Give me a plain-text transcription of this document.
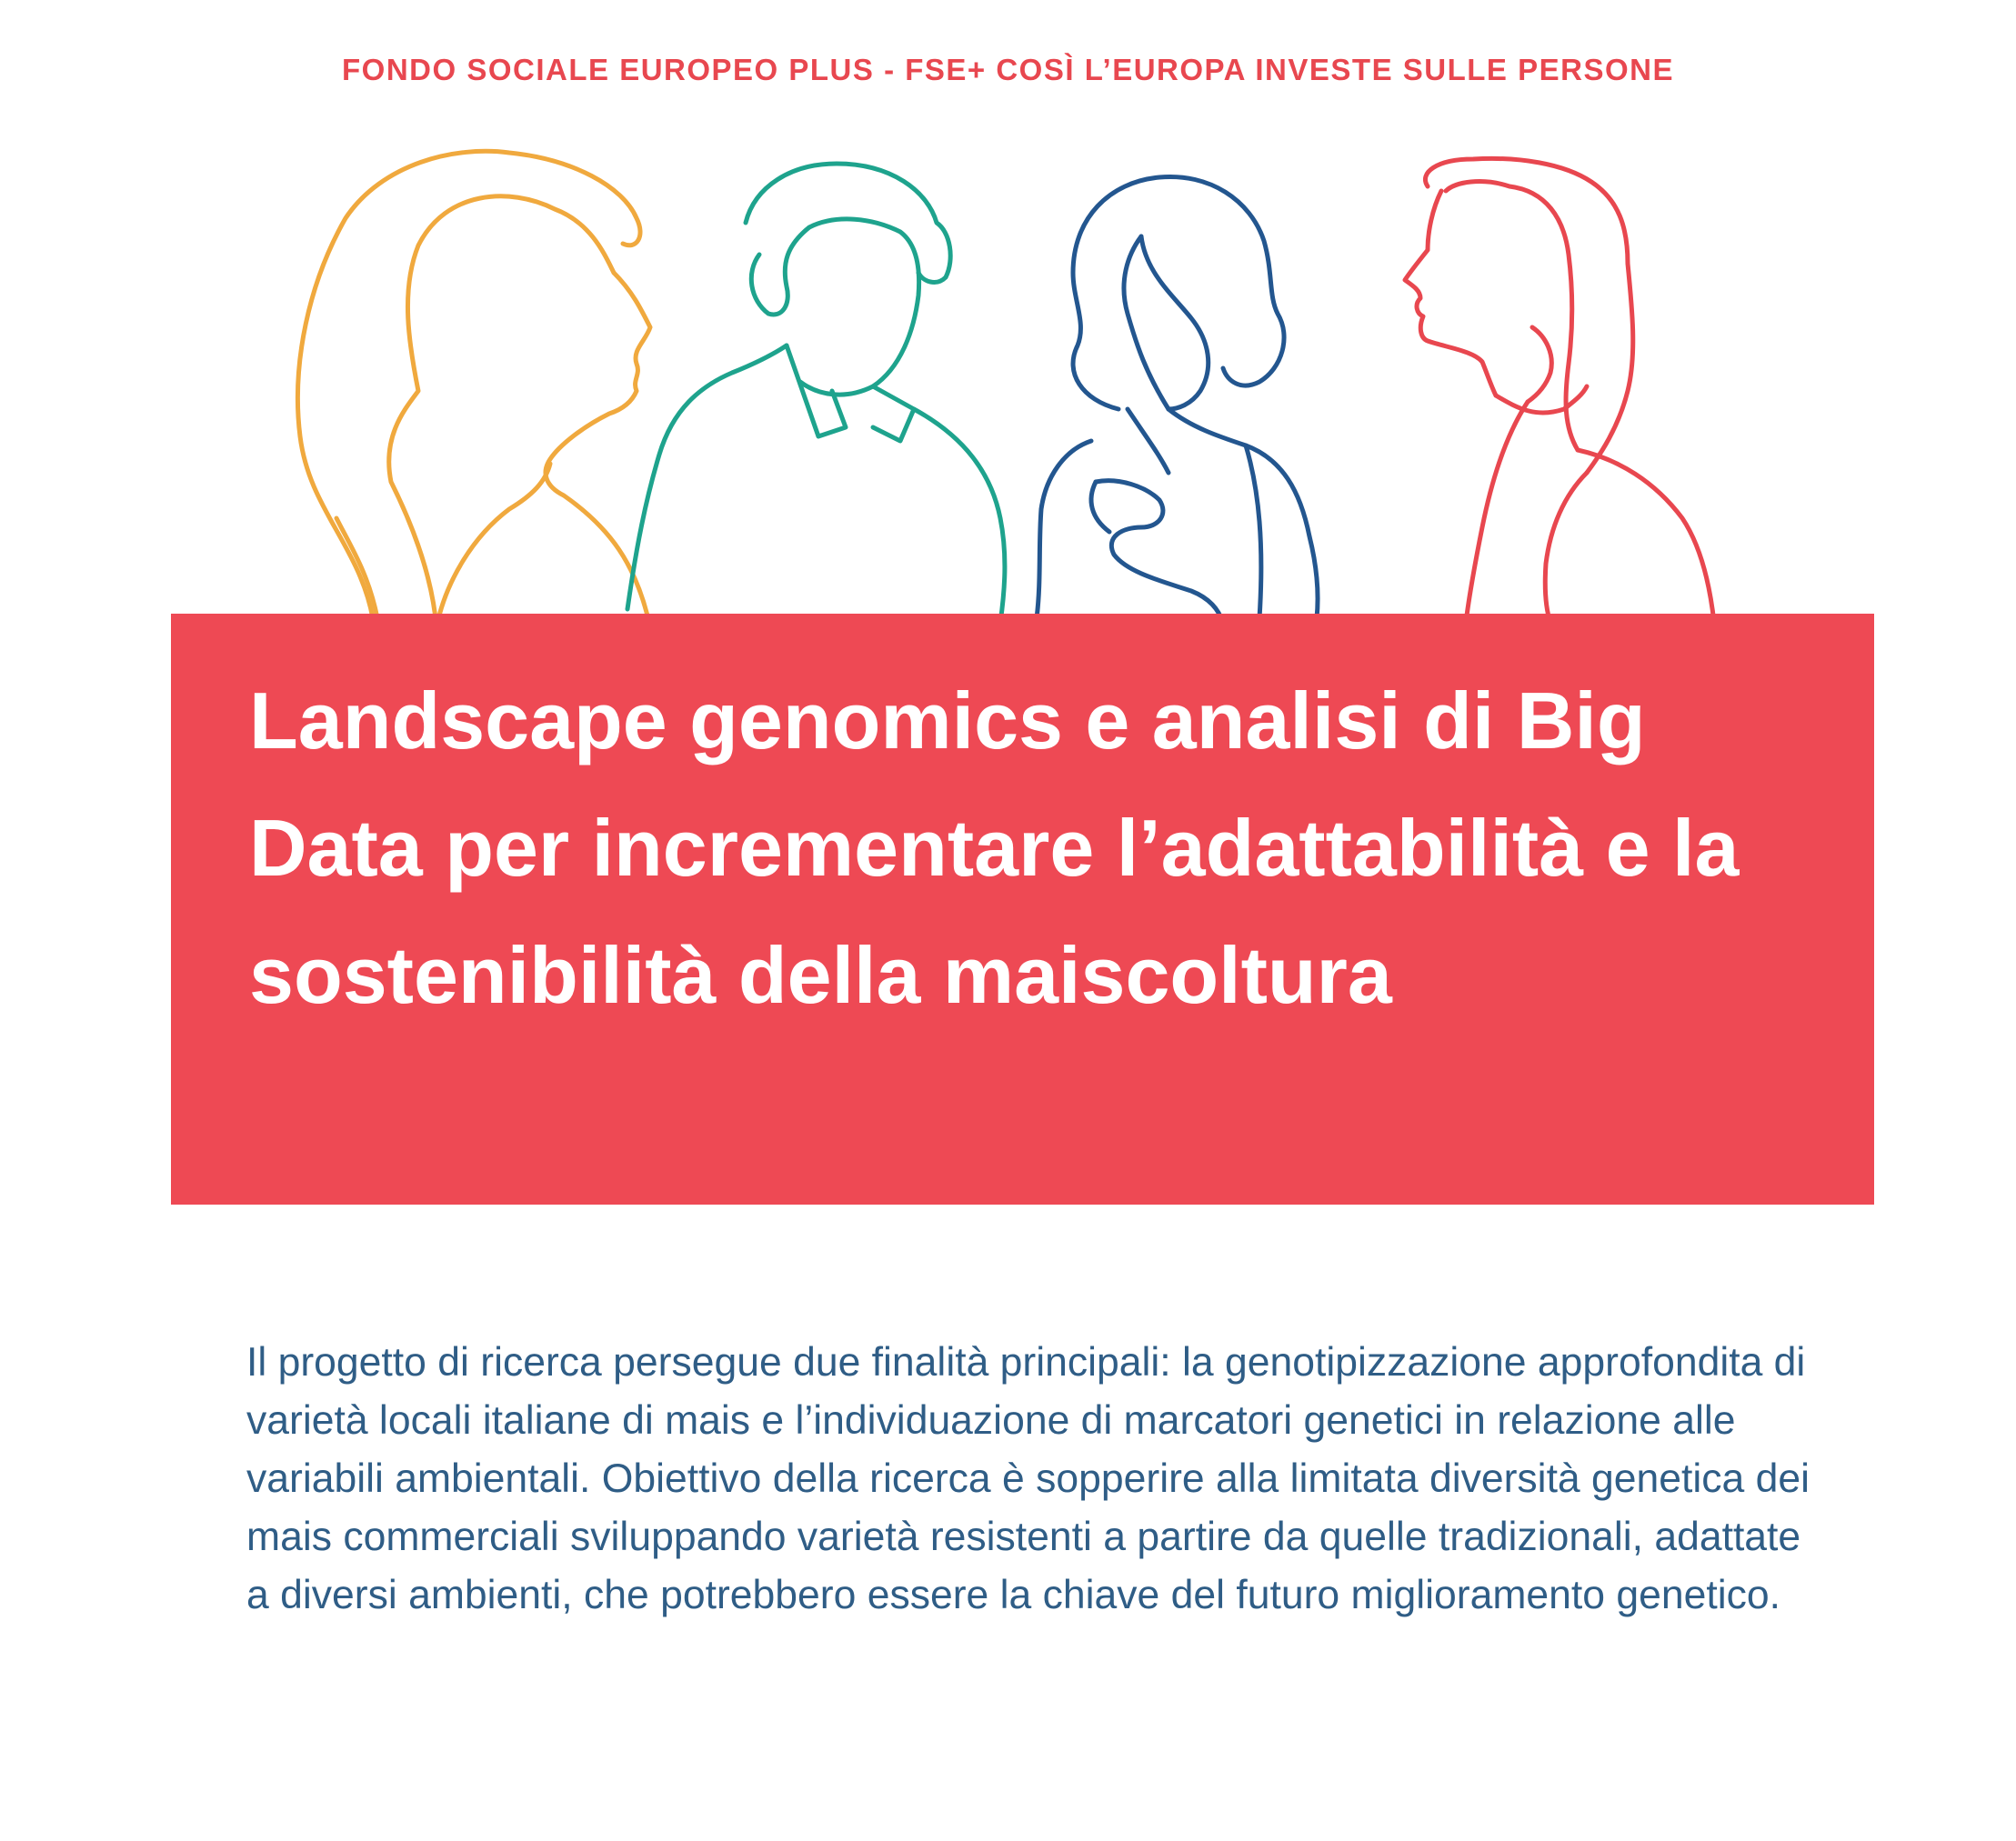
FONDO SOCIALE EUROPEO PLUS - FSE+ COSÌ L’EUROPA INVESTE SULLE PERSONE
Landscape genomics e analisi di Big Data per incrementare l’adattabilità e la sostenibilità della maiscoltura

Il progetto di ricerca persegue due finalità principali: la genotipizzazione approfondita di varietà locali italiane di mais e l’individuazione di marcatori genetici in relazione alle variabili ambientali. Obiettivo della ricerca è sopperire alla limitata diversità genetica dei mais commerciali sviluppando varietà resistenti a partire da quelle tradizionali, adattate a diversi ambienti, che potrebbero essere la chiave del futuro miglioramento genetico.
